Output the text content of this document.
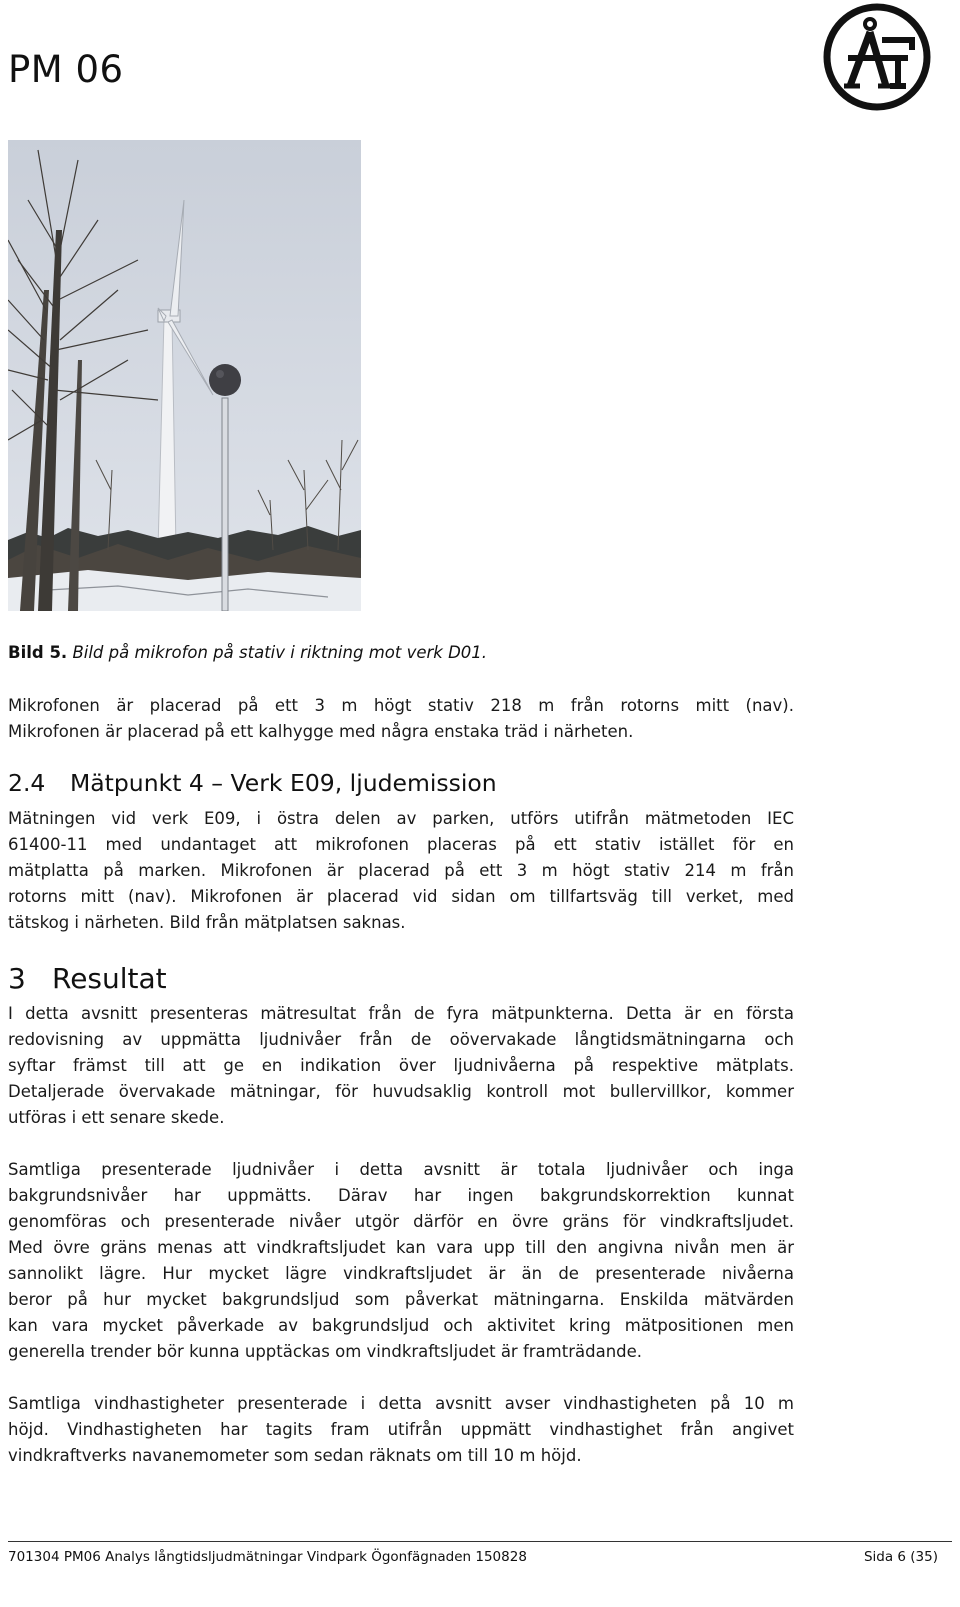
PM 06
Bild 5. Bild på mikrofon på stativ i riktning mot verk D01.
Mikrofonen är placerad på ett 3 m högt stativ 218 m från rotorns mitt (nav).
Mikrofonen är placerad på ett kalhygge med några enstaka träd i närheten.
2.4 Mätpunkt 4 – Verk E09, ljudemission
Mätningen vid verk E09, i östra delen av parken, utförs utifrån mätmetoden IEC
61400-11 med undantaget att mikrofonen placeras på ett stativ istället för en
mätplatta på marken. Mikrofonen är placerad på ett 3 m högt stativ 214 m från
rotorns mitt (nav). Mikrofonen är placerad vid sidan om tillfartsväg till verket, med
tätskog i närheten. Bild från mätplatsen saknas.
3 Resultat
I detta avsnitt presenteras mätresultat från de fyra mätpunkterna. Detta är en första
redovisning av uppmätta ljudnivåer från de oövervakade långtidsmätningarna och
syftar främst till att ge en indikation över ljudnivåerna på respektive mätplats.
Detaljerade övervakade mätningar, för huvudsaklig kontroll mot bullervillkor, kommer
utföras i ett senare skede.
Samtliga presenterade ljudnivåer i detta avsnitt är totala ljudnivåer och inga
bakgrundsnivåer har uppmätts. Därav har ingen bakgrundskorrektion kunnat
genomföras och presenterade nivåer utgör därför en övre gräns för vindkraftsljudet.
Med övre gräns menas att vindkraftsljudet kan vara upp till den angivna nivån men är
sannolikt lägre. Hur mycket lägre vindkraftsljudet är än de presenterade nivåerna
beror på hur mycket bakgrundsljud som påverkat mätningarna. Enskilda mätvärden
kan vara mycket påverkade av bakgrundsljud och aktivitet kring mätpositionen men
generella trender bör kunna upptäckas om vindkraftsljudet är framträdande.
Samtliga vindhastigheter presenterade i detta avsnitt avser vindhastigheten på 10 m
höjd. Vindhastigheten har tagits fram utifrån uppmätt vindhastighet från angivet
vindkraftverks navanemometer som sedan räknats om till 10 m höjd.
701304 PM06 Analys långtidsljudmätningar Vindpark Ögonfägnaden 150828	Sida 6 (35)
